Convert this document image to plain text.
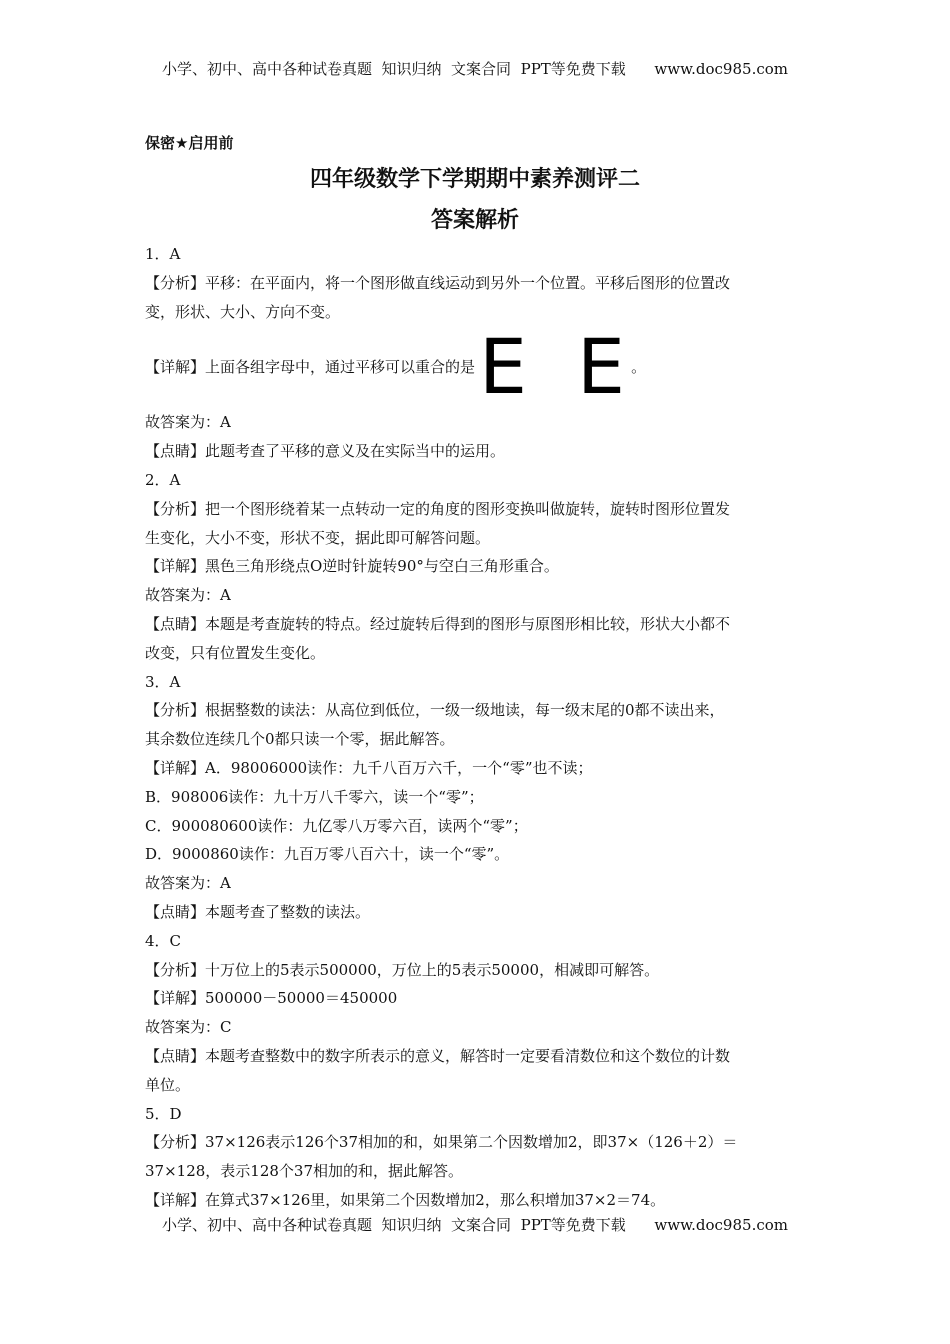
小学、初中、高中各种试卷真题  知识归纳  文案合同  PPT等免费下载      www.doc985.com
保密★启用前
四年级数学下学期期中素养测评二
答案解析

1．A

【分析】平移：在平面内，将一个图形做直线运动到另外一个位置。平移后图形的位置改

变，形状、大小、方向不变。

【详解】上面各组字母中，通过平移可以重合的是 E E 。

故答案为：A

【点睛】此题考查了平移的意义及在实际当中的运用。

2．A

【分析】把一个图形绕着某一点转动一定的角度的图形变换叫做旋转，旋转时图形位置发

生变化，大小不变，形状不变，据此即可解答问题。

【详解】黑色三角形绕点O逆时针旋转90°与空白三角形重合。

故答案为：A

【点睛】本题是考查旋转的特点。经过旋转后得到的图形与原图形相比较，形状大小都不

改变，只有位置发生变化。

3．A

【分析】根据整数的读法：从高位到低位，一级一级地读，每一级末尾的0都不读出来，

其余数位连续几个0都只读一个零，据此解答。

【详解】A．98006000读作：九千八百万六千，一个“零”也不读；

B．908006读作：九十万八千零六，读一个“零”；

C．900080600读作：九亿零八万零六百，读两个“零”；

D．9000860读作：九百万零八百六十，读一个“零”。

故答案为：A

【点睛】本题考查了整数的读法。

4．C

【分析】十万位上的5表示500000，万位上的5表示50000，相减即可解答。

【详解】500000－50000＝450000

故答案为：C

【点睛】本题考查整数中的数字所表示的意义，解答时一定要看清数位和这个数位的计数

单位。

5．D

【分析】37×126表示126个37相加的和，如果第二个因数增加2，即37×（126＋2）＝

37×128，表示128个37相加的和，据此解答。

【详解】在算式37×126里，如果第二个因数增加2，那么积增加37×2＝74。

小学、初中、高中各种试卷真题  知识归纳  文案合同  PPT等免费下载      www.doc985.com
